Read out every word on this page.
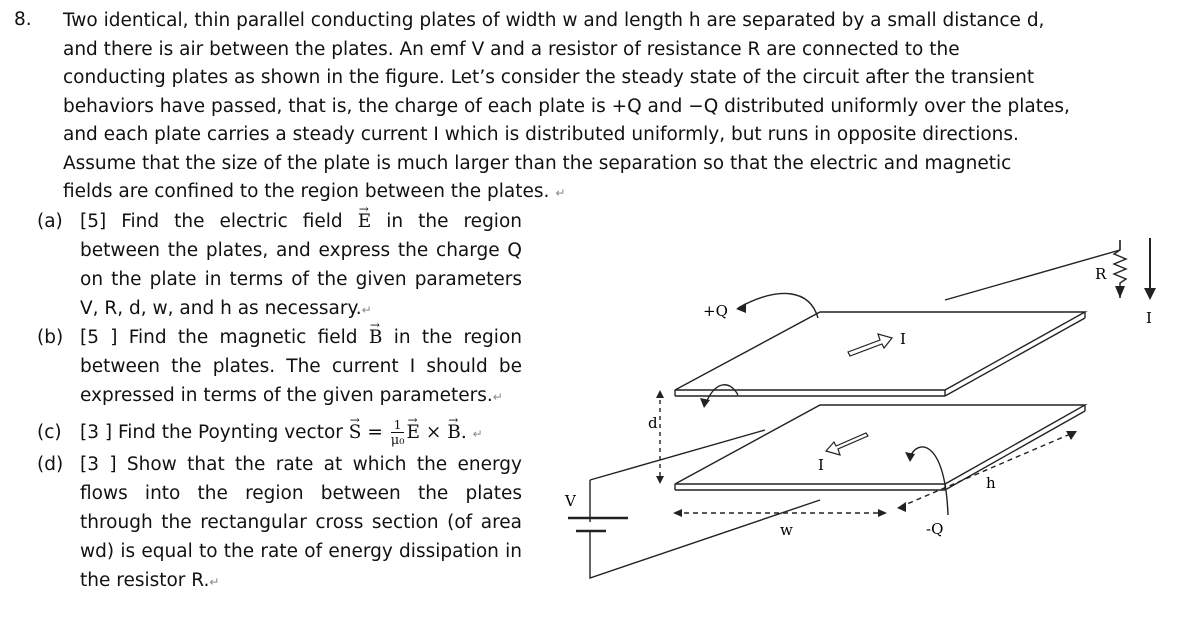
8. Two identical, thin parallel conducting plates of width w and length h are separated by a small distance d,
and there is air between the plates. An emf V and a resistor of resistance R are connected to the
conducting plates as shown in the figure. Let’s consider the steady state of the circuit after the transient
behaviors have passed, that is, the charge of each plate is +Q and −Q distributed uniformly over the plates,
and each plate carries a steady current I which is distributed uniformly, but runs in opposite directions.
Assume that the size of the plate is much larger than the separation so that the electric and magnetic
fields are confined to the region between the plates. ↵
(a) [5] Find the electric field → E in the region
between the plates, and express the charge Q
on the plate in terms of the given parameters
V, R, d, w, and h as necessary.↵
(b) [5 ] Find the magnetic field → B in the region
between the plates. The current I should be
expressed in terms of the given parameters.↵
(c) [3 ] Find the Poynting vector → $S = \frac{1}{\text{μ₀}}$
→ E × → B. ↵
(d) [3 ] Show that the rate at which the energy
flows into the region between the plates
through the rectangular cross section (of area
wd) is equal to the rate of energy dissipation in
the resistor R.↵
+Q
-Q
I
I
I
R
V
d
w
h
